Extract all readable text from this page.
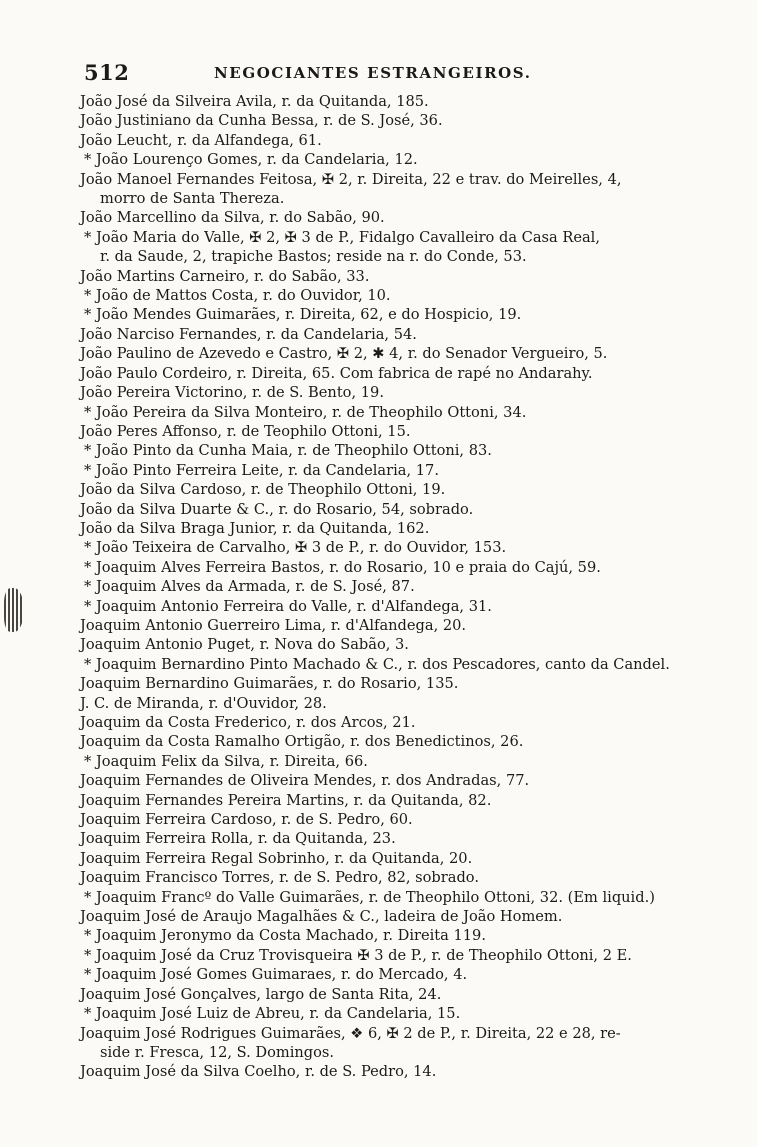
512	NEGOCIANTES ESTRANGEIROS.
João José da Silveira Avila, r. da Quitanda, 185.
João Justiniano da Cunha Bessa, r. de S. José, 36.
João Leucht, r. da Alfandega, 61.
* João Lourenço Gomes, r. da Candelaria, 12.
João Manoel Fernandes Feitosa, ✠ 2, r. Direita, 22 e trav. do Meirelles, 4,
morro de Santa Thereza.
João Marcellino da Silva, r. do Sabão, 90.
* João Maria do Valle, ✠ 2, ✠ 3 de P., Fidalgo Cavalleiro da Casa Real,
r. da Saude, 2, trapiche Bastos; reside na r. do Conde, 53.
João Martins Carneiro, r. do Sabão, 33.
* João de Mattos Costa, r. do Ouvidor, 10.
* João Mendes Guimarães, r. Direita, 62, e do Hospicio, 19.
João Narciso Fernandes, r. da Candelaria, 54.
João Paulino de Azevedo e Castro, ✠ 2, ✱ 4, r. do Senador Vergueiro, 5.
João Paulo Cordeiro, r. Direita, 65. Com fabrica de rapé no Andarahy.
João Pereira Victorino, r. de S. Bento, 19.
* João Pereira da Silva Monteiro, r. de Theophilo Ottoni, 34.
João Peres Affonso, r. de Teophilo Ottoni, 15.
* João Pinto da Cunha Maia, r. de Theophilo Ottoni, 83.
* João Pinto Ferreira Leite, r. da Candelaria, 17.
João da Silva Cardoso, r. de Theophilo Ottoni, 19.
João da Silva Duarte & C., r. do Rosario, 54, sobrado.
João da Silva Braga Junior, r. da Quitanda, 162.
* João Teixeira de Carvalho, ✠ 3 de P., r. do Ouvidor, 153.
* Joaquim Alves Ferreira Bastos, r. do Rosario, 10 e praia do Cajú, 59.
* Joaquim Alves da Armada, r. de S. José, 87.
* Joaquim Antonio Ferreira do Valle, r. d'Alfandega, 31.
Joaquim Antonio Guerreiro Lima, r. d'Alfandega, 20.
Joaquim Antonio Puget, r. Nova do Sabão, 3.
* Joaquim Bernardino Pinto Machado & C., r. dos Pescadores, canto da Candel.
Joaquim Bernardino Guimarães, r. do Rosario, 135.
J. C. de Miranda, r. d'Ouvidor, 28.
Joaquim da Costa Frederico, r. dos Arcos, 21.
Joaquim da Costa Ramalho Ortigão, r. dos Benedictinos, 26.
* Joaquim Felix da Silva, r. Direita, 66.
Joaquim Fernandes de Oliveira Mendes, r. dos Andradas, 77.
Joaquim Fernandes Pereira Martins, r. da Quitanda, 82.
Joaquim Ferreira Cardoso, r. de S. Pedro, 60.
Joaquim Ferreira Rolla, r. da Quitanda, 23.
Joaquim Ferreira Regal Sobrinho, r. da Quitanda, 20.
Joaquim Francisco Torres, r. de S. Pedro, 82, sobrado.
* Joaquim Francº do Valle Guimarães, r. de Theophilo Ottoni, 32. (Em liquid.)
Joaquim José de Araujo Magalhães & C., ladeira de João Homem.
* Joaquim Jeronymo da Costa Machado, r. Direita 119.
* Joaquim José da Cruz Trovisqueira ✠ 3 de P., r. de Theophilo Ottoni, 2 E.
* Joaquim José Gomes Guimaraes, r. do Mercado, 4.
Joaquim José Gonçalves, largo de Santa Rita, 24.
* Joaquim José Luiz de Abreu, r. da Candelaria, 15.
Joaquim José Rodrigues Guimarães, ❖ 6, ✠ 2 de P., r. Direita, 22 e 28, re-
side r. Fresca, 12, S. Domingos.
Joaquim José da Silva Coelho, r. de S. Pedro, 14.
